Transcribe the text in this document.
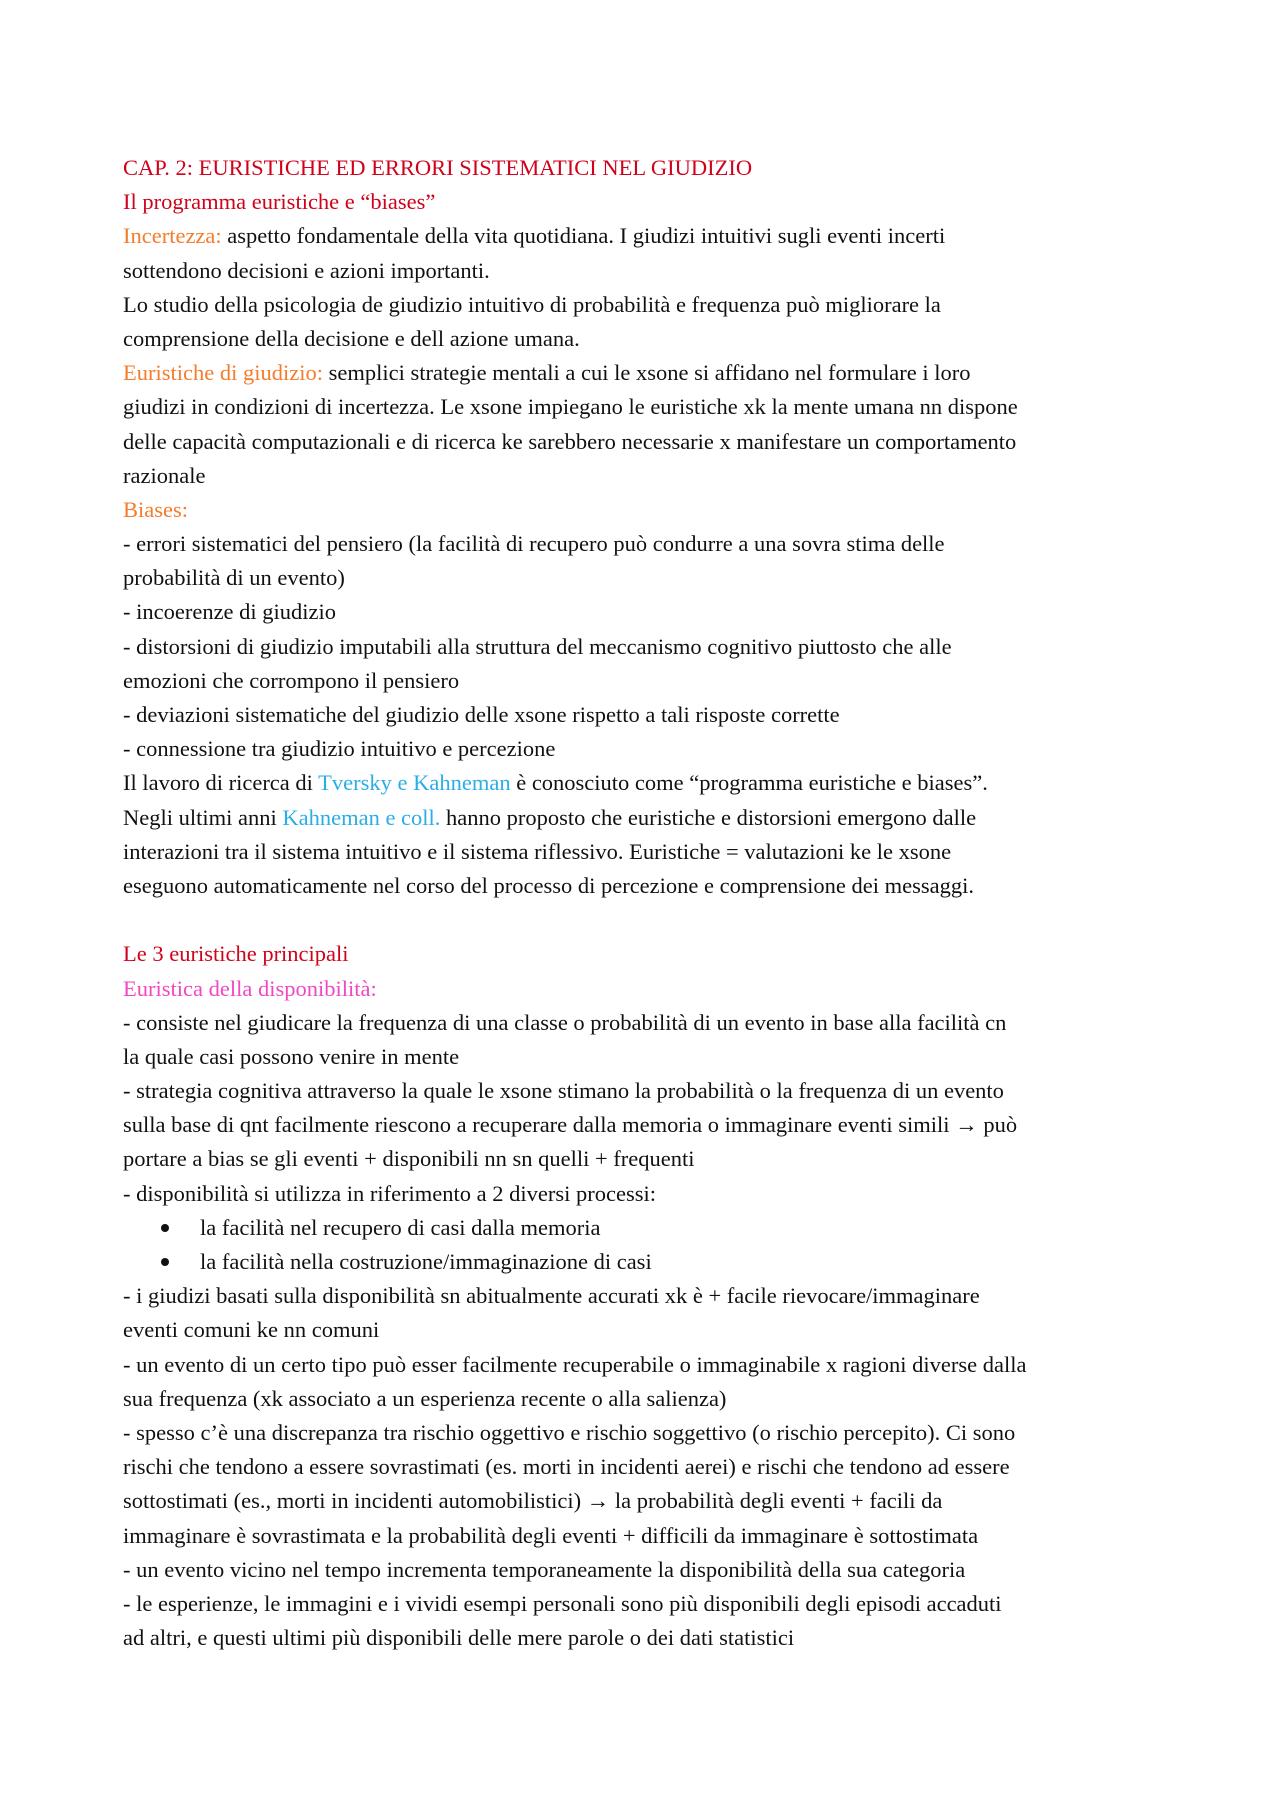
CAP. 2: EURISTICHE ED ERRORI SISTEMATICI NEL GIUDIZIO
Il programma euristiche e “biases”
Incertezza: aspetto fondamentale della vita quotidiana. I giudizi intuitivi sugli eventi incerti
sottendono decisioni e azioni importanti.
Lo studio della psicologia de giudizio intuitivo di probabilità e frequenza può migliorare la
comprensione della decisione e dell azione umana.
Euristiche di giudizio: semplici strategie mentali a cui le xsone si affidano nel formulare i loro
giudizi in condizioni di incertezza. Le xsone impiegano le euristiche xk la mente umana nn dispone
delle capacità computazionali e di ricerca ke sarebbero necessarie x manifestare un comportamento
razionale
Biases:
- errori sistematici del pensiero (la facilità di recupero può condurre a una sovra stima delle
probabilità di un evento)
- incoerenze di giudizio
- distorsioni di giudizio imputabili alla struttura del meccanismo cognitivo piuttosto che alle
emozioni che corrompono il pensiero
- deviazioni sistematiche del giudizio delle xsone rispetto a tali risposte corrette
- connessione tra giudizio intuitivo e percezione
Il lavoro di ricerca di Tversky e Kahneman è conosciuto come “programma euristiche e biases”.
Negli ultimi anni Kahneman e coll. hanno proposto che euristiche e distorsioni emergono dalle
interazioni tra il sistema intuitivo e il sistema riflessivo. Euristiche = valutazioni ke le xsone
eseguono automaticamente nel corso del processo di percezione e comprensione dei messaggi.
Le 3 euristiche principali
Euristica della disponibilità:
- consiste nel giudicare la frequenza di una classe o probabilità di un evento in base alla facilità cn
la quale casi possono venire in mente
- strategia cognitiva attraverso la quale le xsone stimano la probabilità o la frequenza di un evento
sulla base di qnt facilmente riescono a recuperare dalla memoria o immaginare eventi simili → può
portare a bias se gli eventi + disponibili nn sn quelli + frequenti
- disponibilità si utilizza in riferimento a 2 diversi processi:
la facilità nel recupero di casi dalla memoria
la facilità nella costruzione/immaginazione di casi
- i giudizi basati sulla disponibilità sn abitualmente accurati xk è + facile rievocare/immaginare
eventi comuni ke nn comuni
- un evento di un certo tipo può esser facilmente recuperabile o immaginabile x ragioni diverse dalla
sua frequenza (xk associato a un esperienza recente o alla salienza)
- spesso c’è una discrepanza tra rischio oggettivo e rischio soggettivo (o rischio percepito). Ci sono
rischi che tendono a essere sovrastimati (es. morti in incidenti aerei) e rischi che tendono ad essere
sottostimati (es., morti in incidenti automobilistici) → la probabilità degli eventi + facili da
immaginare è sovrastimata e la probabilità degli eventi + difficili da immaginare è sottostimata
- un evento vicino nel tempo incrementa temporaneamente la disponibilità della sua categoria
- le esperienze, le immagini e i vividi esempi personali sono più disponibili degli episodi accaduti
ad altri, e questi ultimi più disponibili delle mere parole o dei dati statistici
